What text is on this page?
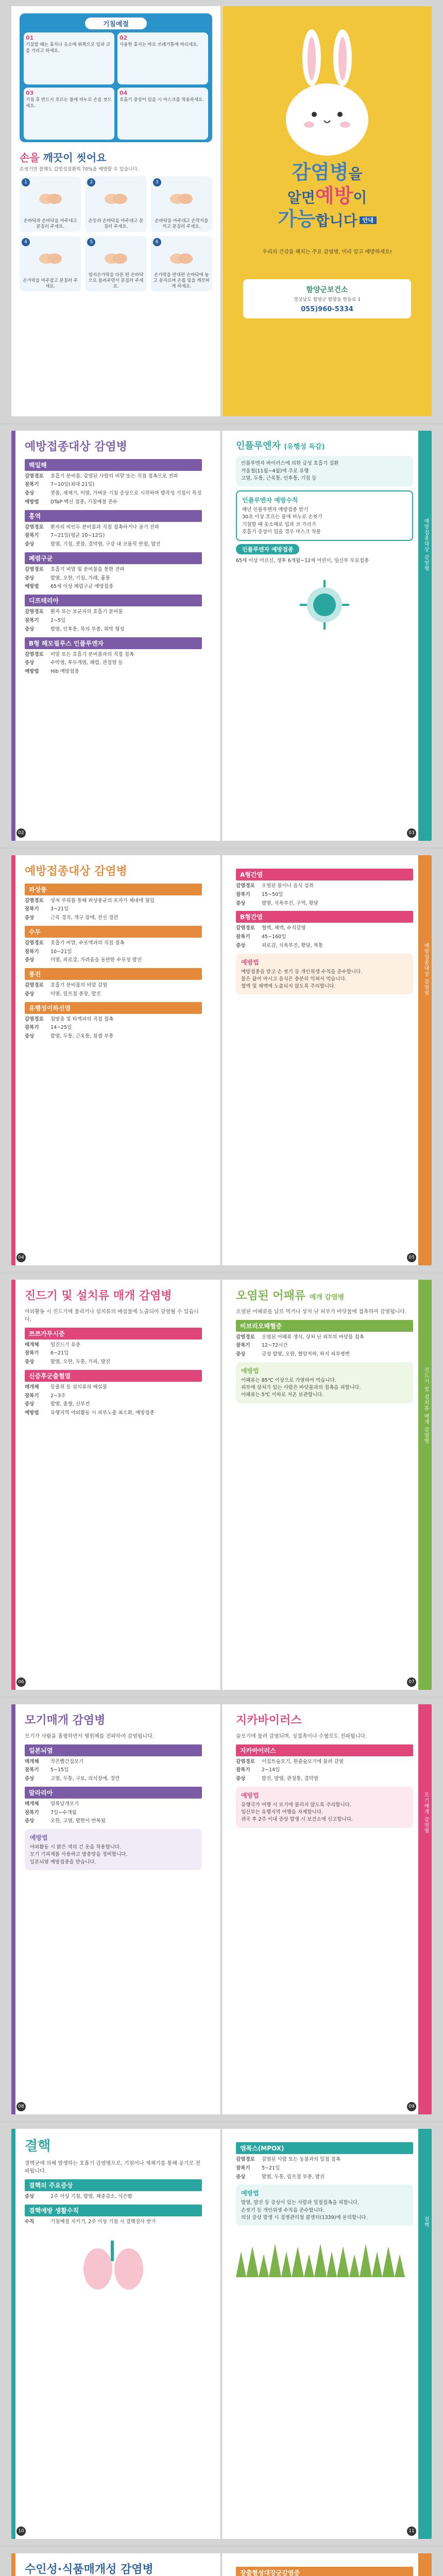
기침예절
01
기침할 때는 휴지나 옷소매 위쪽으로 입과 코를 가리고 하세요.
02
사용한 휴지는 바로 쓰레기통에 버리세요.
03
기침 후 반드시 흐르는 물에 비누로 손을 씻으세요.
04
호흡기 증상이 있을 시 마스크를 착용하세요.
손을 깨끗이 씻어요
손씻기만 잘해도 감염성질환의 70%를 예방할 수 있습니다.
1
손바닥과 손바닥을 마주대고 문질러 주세요.
2
손등과 손바닥을 마주대고 문질러 주세요.
3
손바닥을 마주대고 손깍지를 끼고 문질러 주세요.
4
손가락을 마주잡고 문질러 주세요.
5
엄지손가락을 다른 편 손바닥으로 돌려주면서 문질러 주세요.
6
손가락을 반대편 손바닥에 놓고 문지르며 손톱 밑을 깨끗하게 하세요.
감염병을
알면예방이
가능합니다 안내
우리의 건강을 해치는 주요 감염병, 미리 알고 예방하세요!
함양군보건소
경상남도 함양군 함양읍 한들로 1
055)960-5334
예방접종대상 감염병
백일해
감염경로	호흡기 분비물, 감염된 사람의 비말 또는 직접 접촉으로 전파
잠복기	7~10일(최대 21일)
증상	콧물, 재채기, 미열, 가벼운 기침 증상으로 시작하며 발작성 기침이 특징
예방법	DTaP 백신 접종, 기침예절 준수
홍역
감염경로	환자의 비인두 분비물과 직접 접촉하거나 공기 전파
잠복기	7~21일(평균 10~12일)
증상	발열, 기침, 콧물, 결막염, 구강 내 코플릭 반점, 발진
폐렴구균
감염경로	호흡기 비말 및 분비물을 통한 전파
증상	발열, 오한, 기침, 가래, 흉통
예방법	65세 이상 폐렴구균 예방접종
디프테리아
감염경로	환자 또는 보균자의 호흡기 분비물
잠복기	2~5일
증상	발열, 인후통, 목의 부종, 위막 형성
B형 헤모필루스 인플루엔자
감염경로	비말 또는 호흡기 분비물과의 직접 접촉
증상	수막염, 후두개염, 폐렴, 관절염 등
예방법	Hib 예방접종
02
예방접종대상 감염병
인플루엔자 (유행성 독감)
인플루엔자 바이러스에 의한 급성 호흡기 질환
겨울철(11월~4월)에 주로 유행
고열, 두통, 근육통, 인후통, 기침 등
인플루엔자 예방수칙
매년 인플루엔자 예방접종 받기
30초 이상 흐르는 물에 비누로 손씻기
기침할 때 옷소매로 입과 코 가리기
호흡기 증상이 있을 경우 마스크 착용
인플루엔자 예방접종
65세 이상 어르신, 생후 6개월~12세 어린이, 임신부 무료접종
03
예방접종대상 감염병
파상풍
감염경로	상처 부위를 통해 파상풍균의 포자가 체내에 침입
잠복기	3~21일
증상	근육 경직, 개구 장애, 전신 경련
수두
감염경로	호흡기 비말, 수포액과의 직접 접촉
잠복기	10~21일
증상	미열, 피로감, 가려움을 동반한 수포성 발진
풍진
감염경로	호흡기 분비물의 비말 감염
증상	미열, 림프절 종창, 발진
유행성이하선염
감염경로	침방울 및 타액과의 직접 접촉
잠복기	14~25일
증상	발열, 두통, 근육통, 침샘 부종
04
예방접종대상 감염병
A형간염
감염경로	오염된 물이나 음식 섭취
잠복기	15~50일
증상	발열, 식욕부진, 구역, 황달
B형간염
감염경로	혈액, 체액, 수직감염
잠복기	45~160일
증상	피로감, 식욕부진, 황달, 복통
예방법
예방접종을 받고 손 씻기 등 개인위생 수칙을 준수합니다.
물은 끓여 마시고 음식은 충분히 익혀서 먹습니다.
혈액 및 체액에 노출되지 않도록 주의합니다.
05
진드기 및 설치류 매개 감염병
야외활동 시 진드기에 물리거나 설치류의 배설물에 노출되어 감염될 수 있습니다.
쯔쯔가무시증
매개체	털진드기 유충
잠복기	6~21일
증상	발열, 오한, 두통, 가피, 발진
신증후군출혈열
매개체	등줄쥐 등 설치류의 배설물
잠복기	2~3주
증상	발열, 출혈, 신부전
예방법	유행지역 야외활동 시 피부노출 최소화, 예방접종
06
진드기 및 설치류 매개 감염병
오염된 어패류 매개 감염병
오염된 어패류를 날로 먹거나 상처 난 피부가 바닷물에 접촉하여 감염됩니다.
비브리오패혈증
감염경로	오염된 어패류 생식, 상처 난 피부의 바닷물 접촉
잠복기	12~72시간
증상	급성 발열, 오한, 혈압저하, 하지 피부병변
예방법
어패류는 85℃ 이상으로 가열하여 먹습니다.
피부에 상처가 있는 사람은 바닷물과의 접촉을 피합니다.
어패류는 5℃ 이하로 저온 보관합니다.
07
모기매개 감염병
모기가 사람을 흡혈하면서 병원체를 전파하여 감염됩니다.
일본뇌염
매개체	작은빨간집모기
잠복기	5~15일
증상	고열, 두통, 구토, 의식장애, 경련
말라리아
매개체	얼룩날개모기
잠복기	7일~수개월
증상	오한, 고열, 발한이 반복됨
예방법
야외활동 시 밝은 색의 긴 옷을 착용합니다.
모기 기피제를 사용하고 방충망을 정비합니다.
일본뇌염 예방접종을 받습니다.
08
모기매개 감염병
지카바이러스
숲모기에 물려 감염되며, 성접촉이나 수혈로도 전파됩니다.
지카바이러스
감염경로	이집트숲모기, 흰줄숲모기에 물려 감염
잠복기	2~14일
증상	발진, 발열, 관절통, 결막염
예방법
유행국가 여행 시 모기에 물리지 않도록 주의합니다.
임신부는 유행지역 여행을 자제합니다.
귀국 후 2주 이내 증상 발생 시 보건소에 신고합니다.
09
결핵
결핵균에 의해 발생하는 호흡기 감염병으로, 기침이나 재채기를 통해 공기로 전파됩니다.
결핵의 주요증상
증상	2주 이상 기침, 발열, 체중감소, 식은땀
결핵예방 생활수칙
수칙	기침예절 지키기, 2주 이상 기침 시 결핵검사 받기
10
결핵
엠폭스(MPOX)
감염경로	감염된 사람 또는 동물과의 밀접 접촉
잠복기	5~21일
증상	발열, 두통, 림프절 부종, 발진
예방법
발열, 발진 등 증상이 있는 사람과 밀접접촉을 피합니다.
손씻기 등 개인위생 수칙을 준수합니다.
의심 증상 발생 시 질병관리청 콜센터(1339)에 문의합니다.
11
수인성·식품매개성 감염병	장출혈성대장균감염증
